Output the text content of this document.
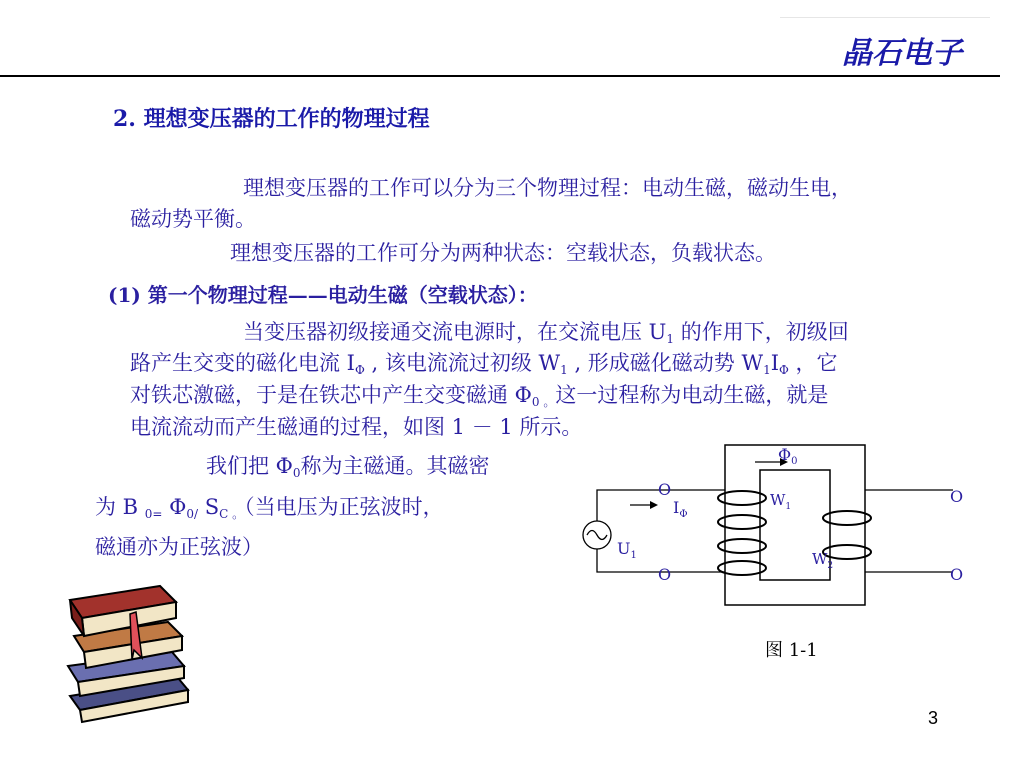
晶石电子
2. 理想变压器的工作的物理过程
理想变压器的工作可以分为三个物理过程：电动生磁，磁动生电，
磁动势平衡。
理想变压器的工作可分为两种状态：空载状态，负载状态。
(1) 第一个物理过程——电动生磁（空载状态）：
当变压器初级接通交流电源时，在交流电压 $U_1$ 的作用下，初级回
路产生交变的磁化电流 $I_\Phi$ , 该电流流过初级 $W_1$ , 形成磁化磁动势 $W_1I_\Phi$ ，它
对铁芯激磁，于是在铁芯中产生交变磁通 $\Phi_{0 。}$这一过程称为电动生磁，就是
电流流动而产生磁通的过程，如图 1 － 1 所示。
我们把 $\Phi_0$称为主磁通。其磁密
为 B $_{0=}$ $\Phi_{0/}$ $S_{C 。}$（当电压为正弦波时，
磁通亦为正弦波）
$\Phi_0$
O
O
O
O
$I_\Phi$
$W_1$
$W_2$
$U_1$
图 1-1
3
